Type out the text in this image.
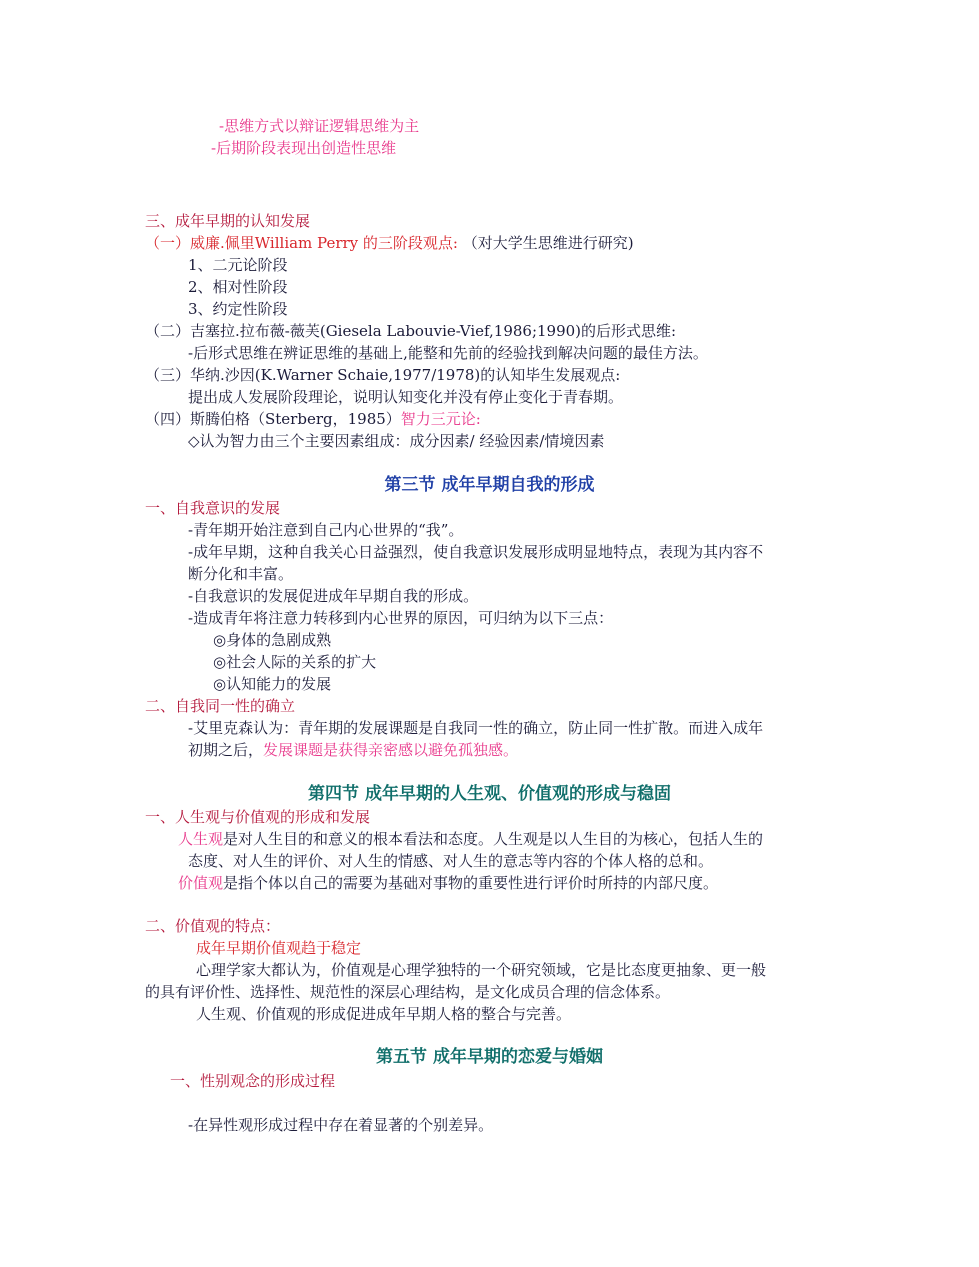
-思维方式以辩证逻辑思维为主
-后期阶段表现出创造性思维
三、成年早期的认知发展
（一）威廉.佩里William Perry 的三阶段观点: （对大学生思维进行研究)
1、二元论阶段
2、相对性阶段
3、约定性阶段
（二）吉塞拉.拉布薇-薇芙(Giesela Labouvie-Vief,1986;1990)的后形式思维:
-后形式思维在辨证思维的基础上,能整和先前的经验找到解决问题的最佳方法。
（三）华纳.沙因(K.Warner Schaie,1977/1978)的认知毕生发展观点:
提出成人发展阶段理论，说明认知变化并没有停止变化于青春期。
（四）斯腾伯格（Sterberg，1985）智力三元论:
◇认为智力由三个主要因素组成：成分因素/ 经验因素/情境因素
第三节 成年早期自我的形成
一、自我意识的发展
-青年期开始注意到自己内心世界的“我”。
-成年早期，这种自我关心日益强烈，使自我意识发展形成明显地特点，表现为其内容不
断分化和丰富。
-自我意识的发展促进成年早期自我的形成。
-造成青年将注意力转移到内心世界的原因，可归纳为以下三点：
◎身体的急剧成熟
◎社会人际的关系的扩大
◎认知能力的发展
二、自我同一性的确立
-艾里克森认为：青年期的发展课题是自我同一性的确立，防止同一性扩散。而进入成年
初期之后，发展课题是获得亲密感以避免孤独感。
第四节 成年早期的人生观、价值观的形成与稳固
一、人生观与价值观的形成和发展
人生观是对人生目的和意义的根本看法和态度。人生观是以人生目的为核心，包括人生的
态度、对人生的评价、对人生的情感、对人生的意志等内容的个体人格的总和。
价值观是指个体以自己的需要为基础对事物的重要性进行评价时所持的内部尺度。
二、价值观的特点：
成年早期价值观趋于稳定
心理学家大都认为，价值观是心理学独特的一个研究领域，它是比态度更抽象、更一般
的具有评价性、选择性、规范性的深层心理结构，是文化成员合理的信念体系。
人生观、价值观的形成促进成年早期人格的整合与完善。
第五节 成年早期的恋爱与婚姻
一、性别观念的形成过程
-在异性观形成过程中存在着显著的个别差异。
